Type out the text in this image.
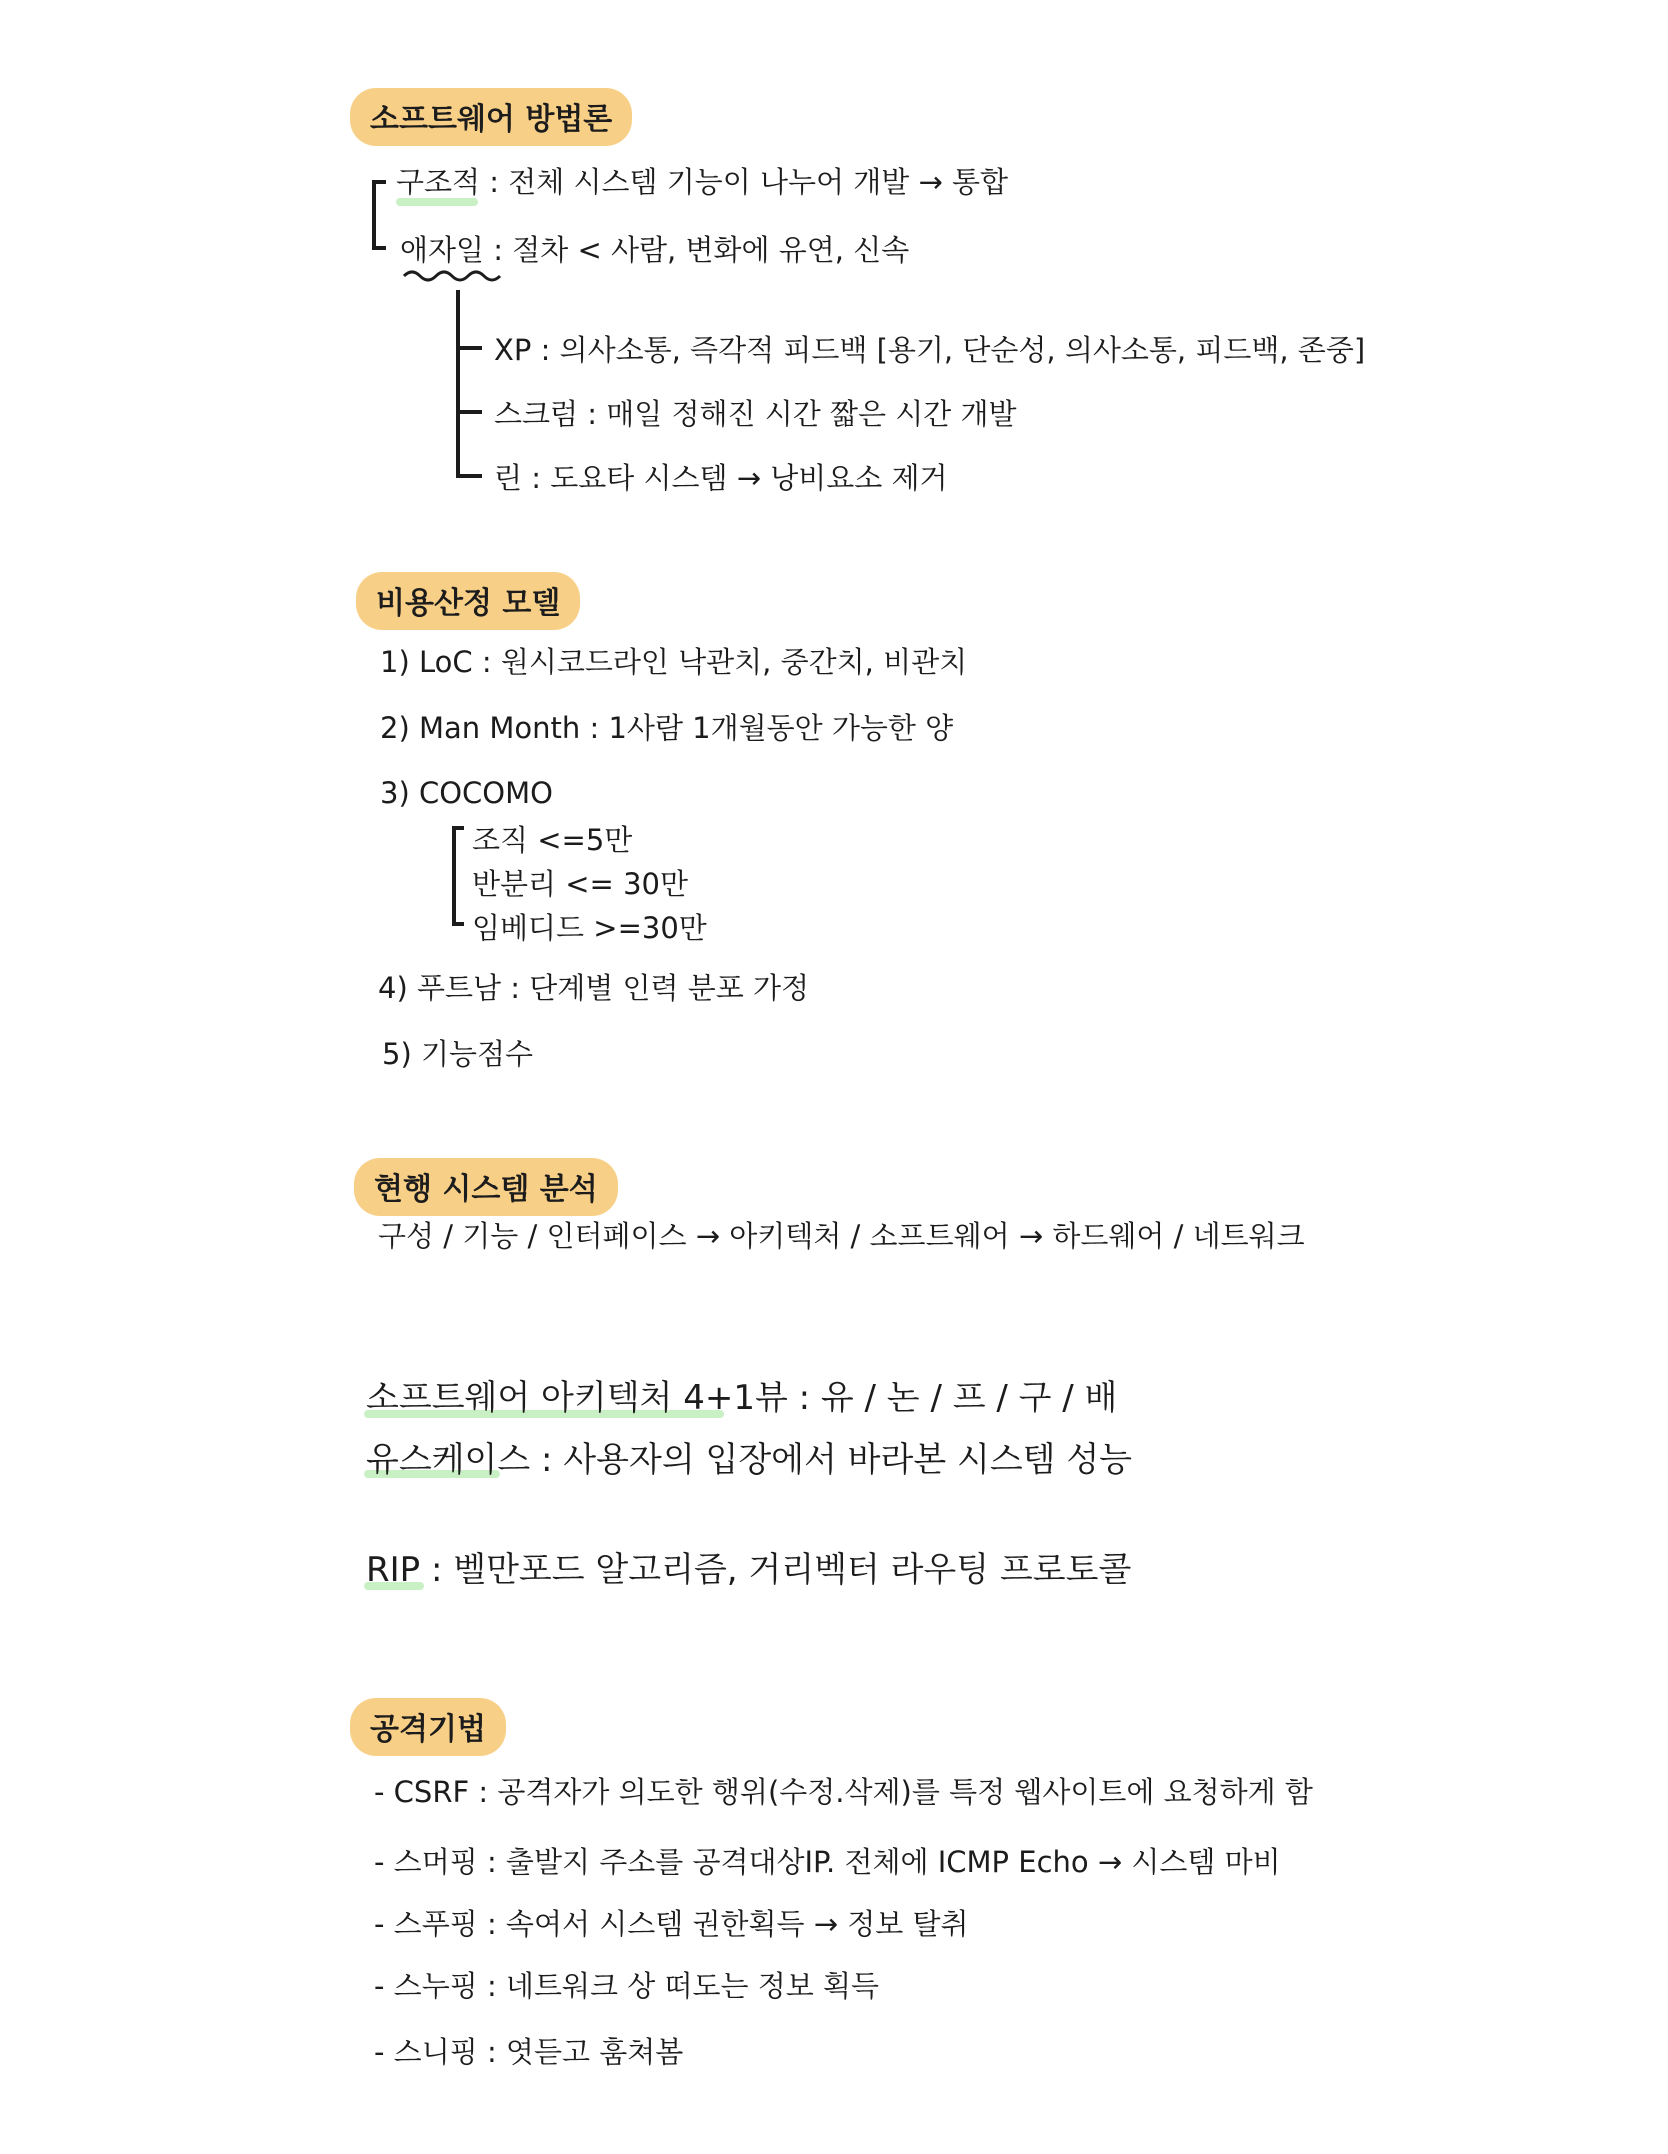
소프트웨어 방법론
구조적 : 전체 시스템 기능이 나누어 개발 → 통합
애자일 : 절차 < 사람, 변화에 유연, 신속
XP : 의사소통, 즉각적 피드백 [용기, 단순성, 의사소통, 피드백, 존중]
스크럼 : 매일 정해진 시간 짧은 시간 개발
린 : 도요타 시스템 → 낭비요소 제거
비용산정 모델
1) LoC : 원시코드라인 낙관치, 중간치, 비관치
2) Man Month : 1사람 1개월동안 가능한 양
3) COCOMO
조직 <=5만
반분리 <= 30만
임베디드 >=30만
4) 푸트남 : 단계별 인력 분포 가정
5) 기능점수
현행 시스템 분석
구성 / 기능 / 인터페이스 → 아키텍처 / 소프트웨어 → 하드웨어 / 네트워크
소프트웨어 아키텍처 4+1뷰 : 유 / 논 / 프 / 구 / 배
유스케이스 : 사용자의 입장에서 바라본 시스템 성능
RIP : 벨만포드 알고리즘, 거리벡터 라우팅 프로토콜
공격기법
- CSRF : 공격자가 의도한 행위(수정.삭제)를 특정 웹사이트에 요청하게 함
- 스머핑 : 출발지 주소를 공격대상IP. 전체에 ICMP Echo → 시스템 마비
- 스푸핑 : 속여서 시스템 권한획득 → 정보 탈취
- 스누핑 : 네트워크 상 떠도는 정보 획득
- 스니핑 : 엿듣고 훔쳐봄
